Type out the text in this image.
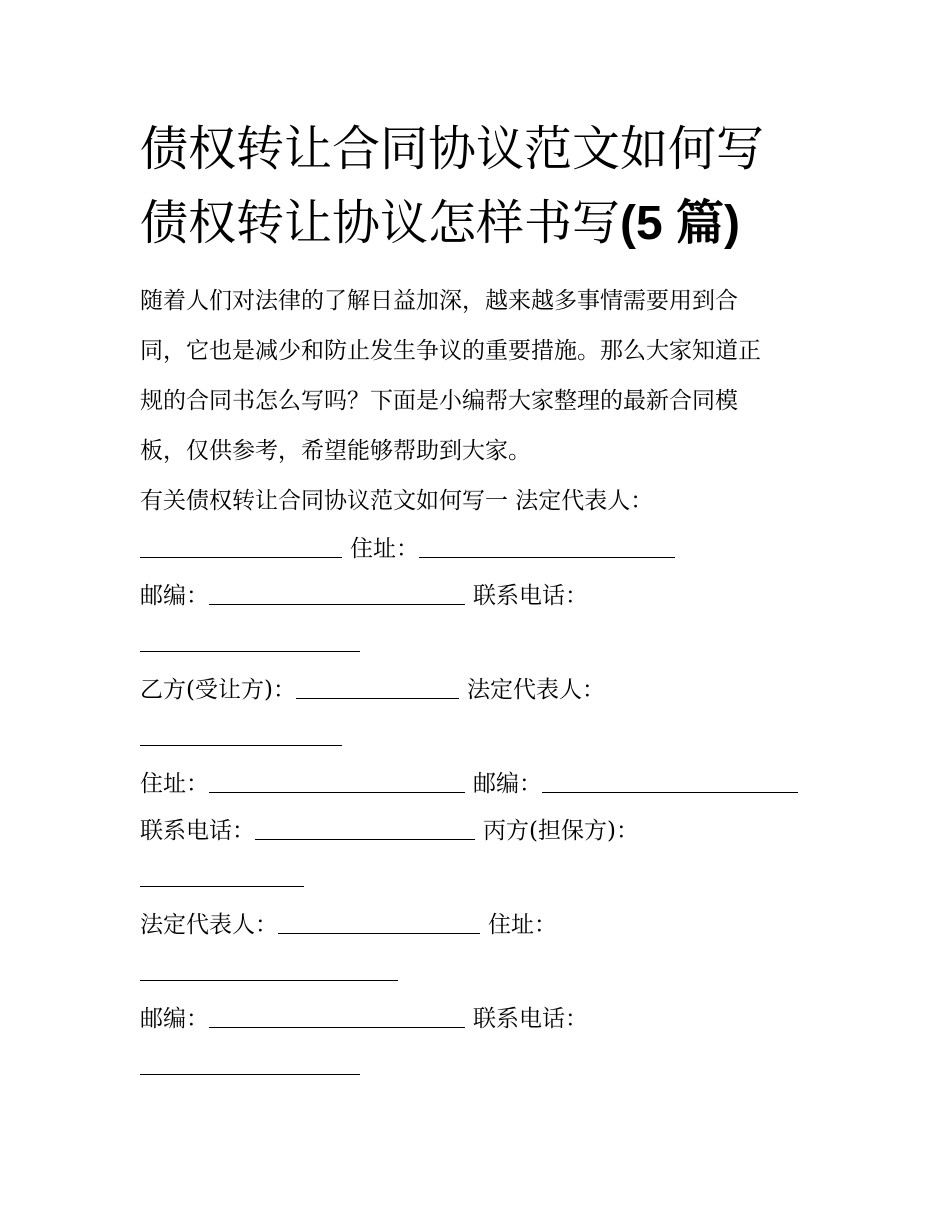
债权转让合同协议范文如何写
债权转让协议怎样书写(5 篇)
随着人们对法律的了解日益加深，越来越多事情需要用到合
同，它也是减少和防止发生争议的重要措施。那么大家知道正
规的合同书怎么写吗？下面是小编帮大家整理的最新合同模
板，仅供参考，希望能够帮助到大家。
有关债权转让合同协议范文如何写一 法定代表人：
住址：
邮编：	联系电话：
乙方(受让方)：	法定代表人：
住址：	邮编：
联系电话：	丙方(担保方)：
法定代表人：	住址：
邮编：	联系电话：
